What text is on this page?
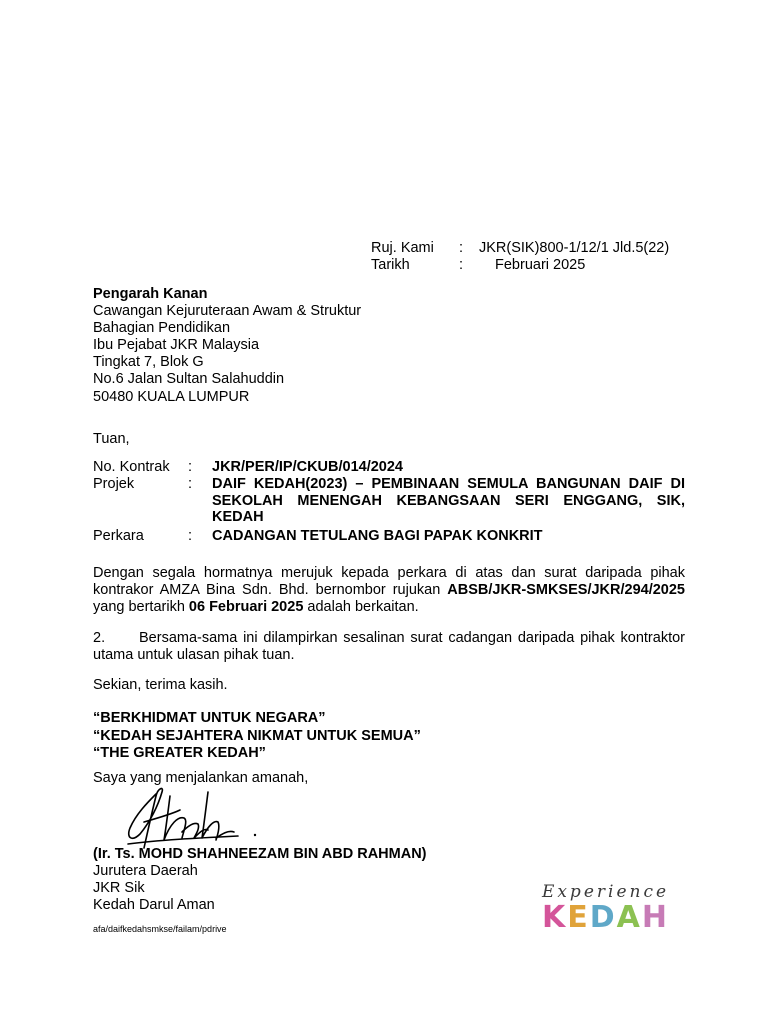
Ruj. Kami : JKR(SIK)800-1/12/1 Jld.5(22)
Tarikh	: Februari 2025
Pengarah Kanan
Cawangan Kejuruteraan Awam & Struktur
Bahagian Pendidikan
Ibu Pejabat JKR Malaysia
Tingkat 7, Blok G
No.6 Jalan Sultan Salahuddin
50480 KUALA LUMPUR
Tuan,
No. Kontrak : JKR/PER/IP/CKUB/014/2024
Projek	: DAIF KEDAH(2023) – PEMBINAAN SEMULA BANGUNAN DAIF DI SEKOLAH MENENGAH KEBANGSAAN SERI ENGGANG, SIK, KEDAH
Perkara	: CADANGAN TETULANG BAGI PAPAK KONKRIT
Dengan segala hormatnya merujuk kepada perkara di atas dan surat daripada pihak kontrakor AMZA Bina Sdn. Bhd. bernombor rujukan ABSB/JKR-SMKSES/JKR/294/2025 yang bertarikh 06 Februari 2025 adalah berkaitan.
2. Bersama-sama ini dilampirkan sesalinan surat cadangan daripada pihak kontraktor utama untuk ulasan pihak tuan.
Sekian, terima kasih.
“BERKHIDMAT UNTUK NEGARA”
“KEDAH SEJAHTERA NIKMAT UNTUK SEMUA”
“THE GREATER KEDAH”
Saya yang menjalankan amanah,
(Ir. Ts. MOHD SHAHNEEZAM BIN ABD RAHMAN)
Jurutera Daerah
JKR Sik
Kedah Darul Aman
afa/daifkedahsmkse/failam/pdrive
Experience
KEDAH
